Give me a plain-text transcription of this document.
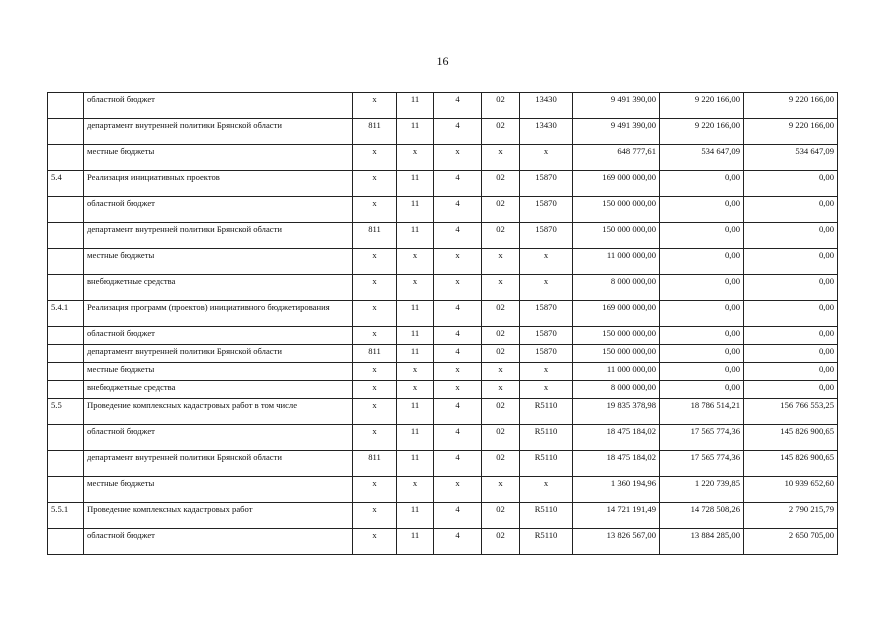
16
	областной бюджет	х	11	4	02	13430	9 491 390,00	9 220 166,00	9 220 166,00
	департамент внутренней политики Брянской области	811	11	4	02	13430	9 491 390,00	9 220 166,00	9 220 166,00
	местные бюджеты	х	х	х	х	х	648 777,61	534 647,09	534 647,09
5.4	Реализация инициативных проектов	х	11	4	02	15870	169 000 000,00	0,00	0,00
	областной бюджет	х	11	4	02	15870	150 000 000,00	0,00	0,00
	департамент внутренней политики Брянской области	811	11	4	02	15870	150 000 000,00	0,00	0,00
	местные бюджеты	х	х	х	х	х	11 000 000,00	0,00	0,00
	внебюджетные средства	х	х	х	х	х	8 000 000,00	0,00	0,00
5.4.1	Реализация программ (проектов) инициативного бюджетирования	х	11	4	02	15870	169 000 000,00	0,00	0,00
	областной бюджет	х	11	4	02	15870	150 000 000,00	0,00	0,00
	департамент внутренней политики Брянской области	811	11	4	02	15870	150 000 000,00	0,00	0,00
	местные бюджеты	х	х	х	х	х	11 000 000,00	0,00	0,00
	внебюджетные средства	х	х	х	х	х	8 000 000,00	0,00	0,00
5.5	Проведение комплексных кадастровых работ в том числе	х	11	4	02	R5110	19 835 378,98	18 786 514,21	156 766 553,25
	областной бюджет	х	11	4	02	R5110	18 475 184,02	17 565 774,36	145 826 900,65
	департамент внутренней политики Брянской области	811	11	4	02	R5110	18 475 184,02	17 565 774,36	145 826 900,65
	местные бюджеты	х	х	х	х	х	1 360 194,96	1 220 739,85	10 939 652,60
5.5.1	Проведение комплексных кадастровых работ	х	11	4	02	R5110	14 721 191,49	14 728 508,26	2 790 215,79
	областной бюджет	х	11	4	02	R5110	13 826 567,00	13 884 285,00	2 650 705,00
